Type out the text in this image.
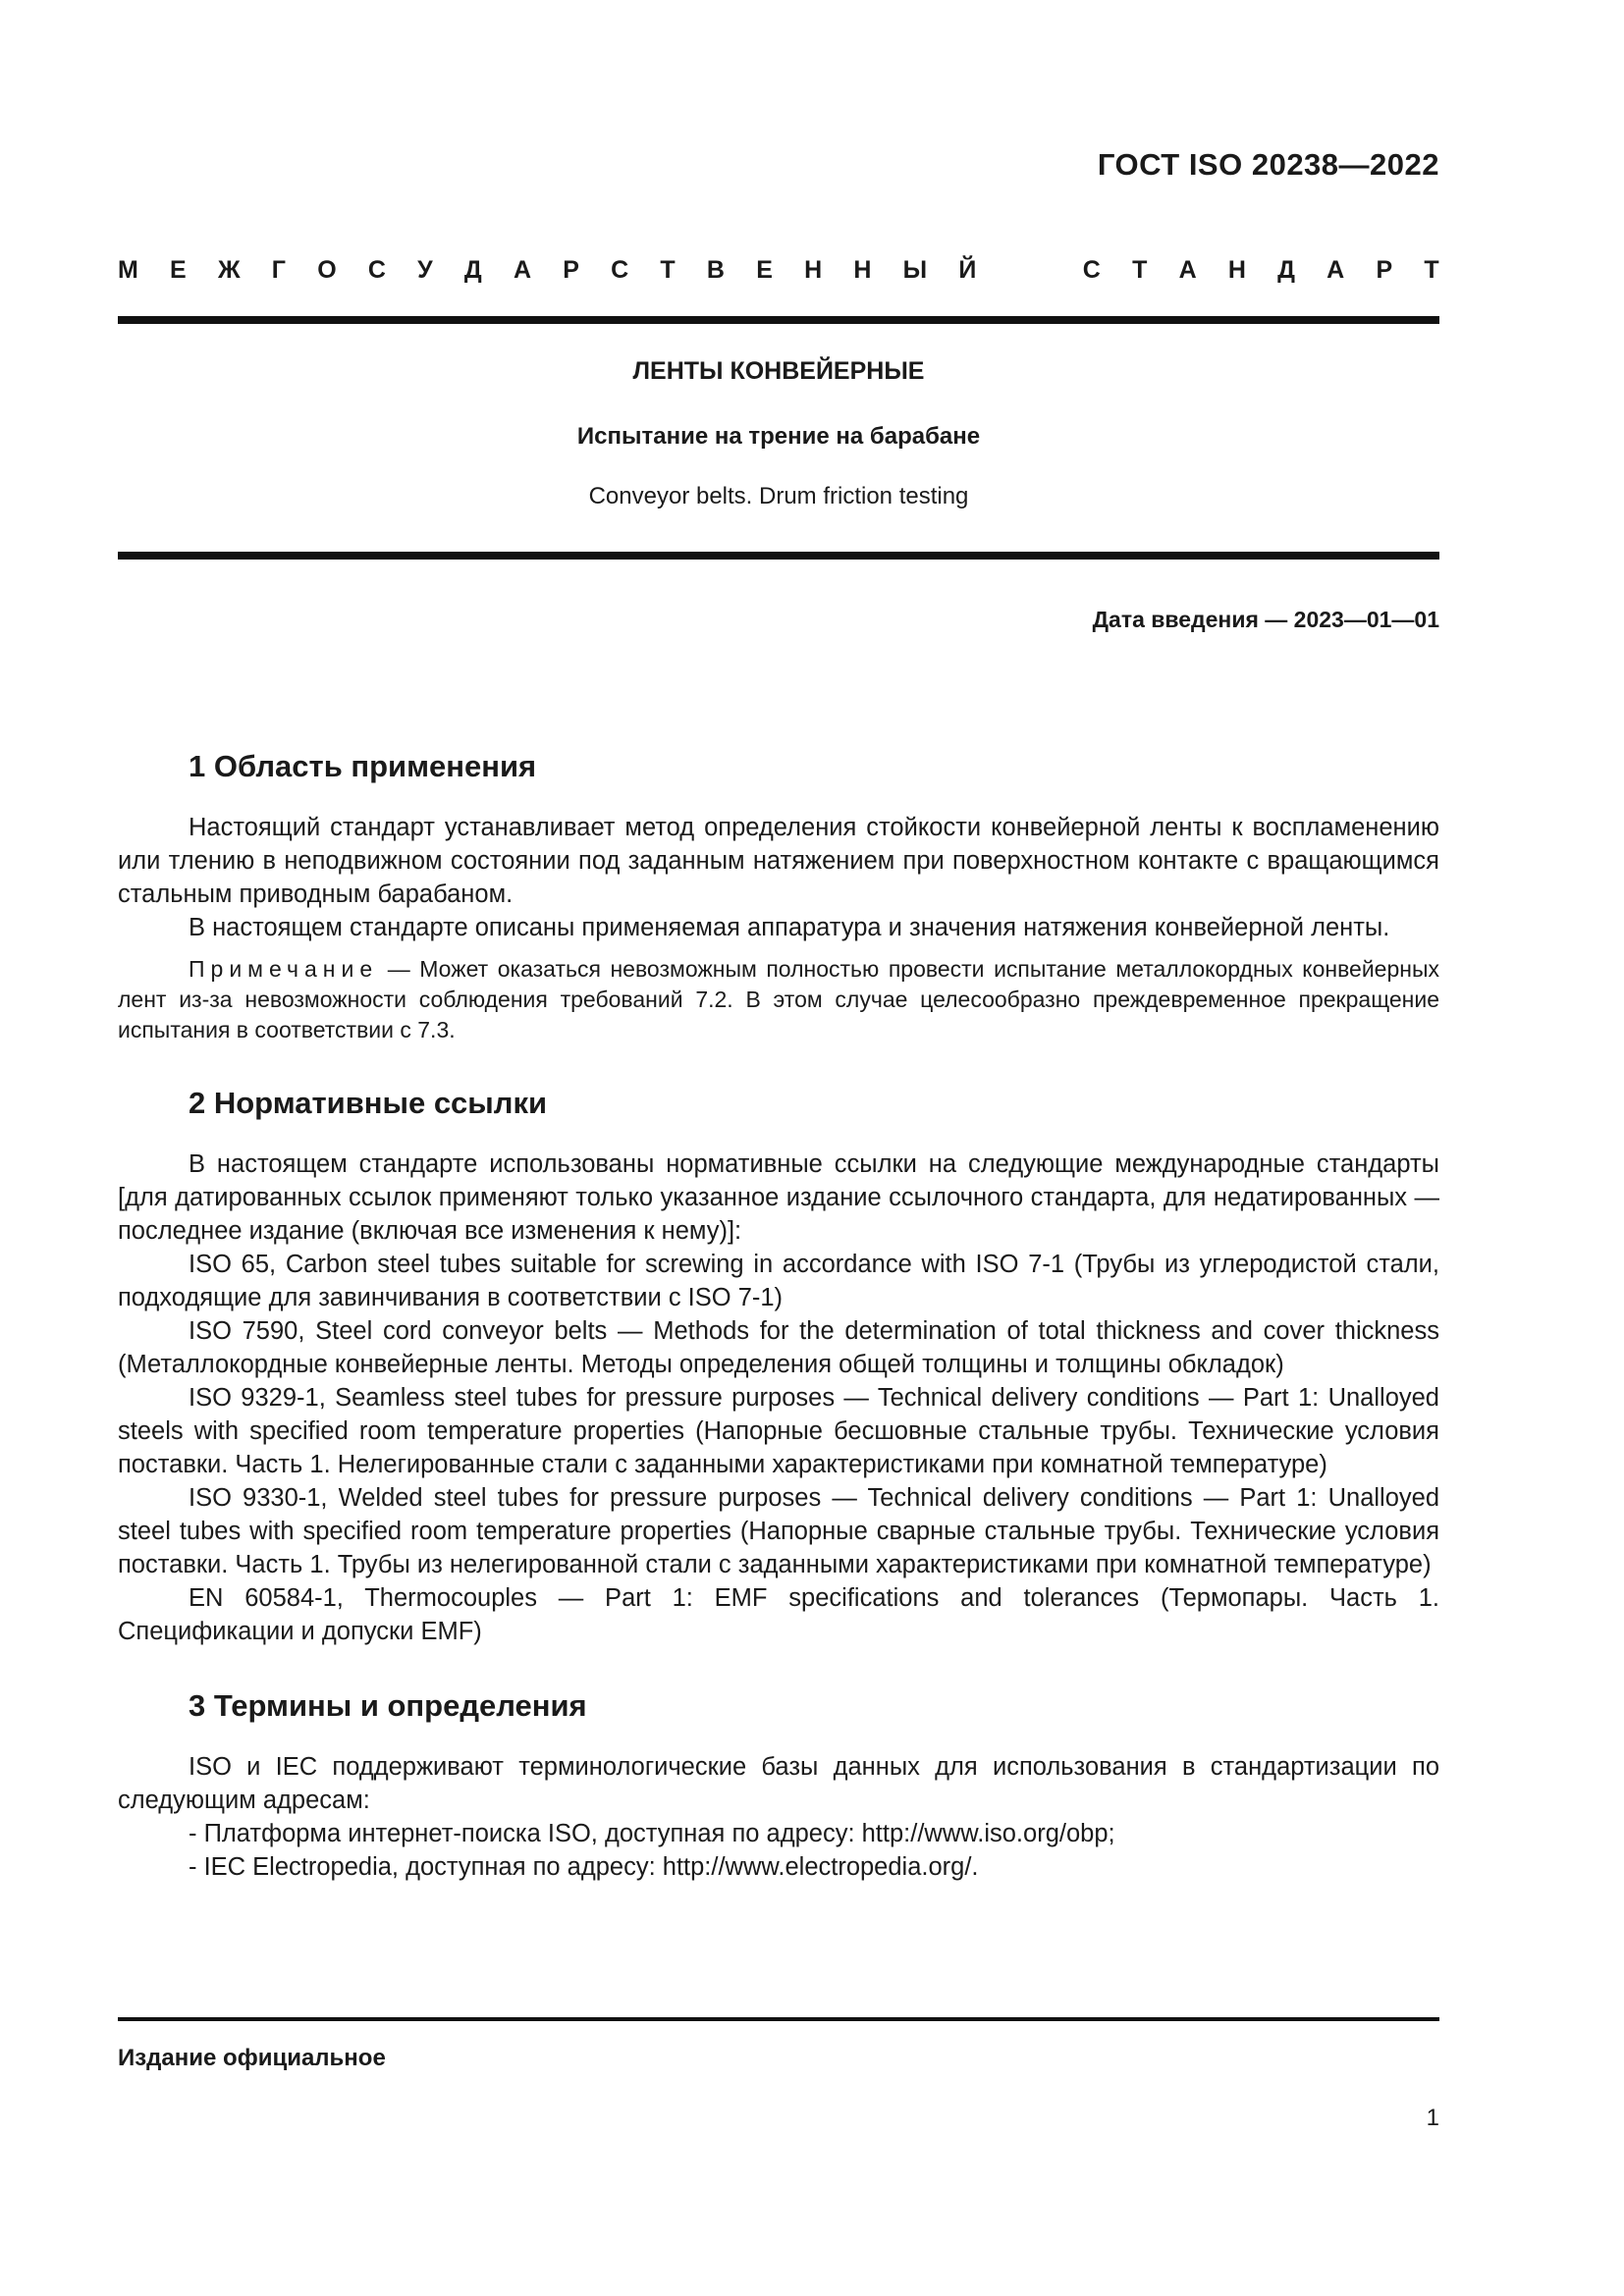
ГОСТ ISO 20238—2022
М Е Ж Г О С У Д А Р С Т В Е Н Н Ы Й	С Т А Н Д А Р Т
ЛЕНТЫ КОНВЕЙЕРНЫЕ
Испытание на трение на барабане
Conveyor belts. Drum friction testing
Дата введения — 2023—01—01
1 Область применения

Настоящий стандарт устанавливает метод определения стойкости конвейерной ленты к воспламенению или тлению в неподвижном состоянии под заданным натяжением при поверхностном контакте с вращающимся стальным приводным барабаном.

В настоящем стандарте описаны применяемая аппаратура и значения натяжения конвейерной ленты.

Примечание — Может оказаться невозможным полностью провести испытание металлокордных конвейерных лент из-за невозможности соблюдения требований 7.2. В этом случае целесообразно преждевременное прекращение испытания в соответствии с 7.3.

2 Нормативные ссылки

В настоящем стандарте использованы нормативные ссылки на следующие международные стандарты [для датированных ссылок применяют только указанное издание ссылочного стандарта, для недатированных — последнее издание (включая все изменения к нему)]:

ISO 65, Carbon steel tubes suitable for screwing in accordance with ISO 7-1 (Трубы из углеродистой стали, подходящие для завинчивания в соответствии с ISO 7-1)

ISO 7590, Steel cord conveyor belts — Methods for the determination of total thickness and cover thickness (Металлокордные конвейерные ленты. Методы определения общей толщины и толщины обкладок)

ISO 9329-1, Seamless steel tubes for pressure purposes — Technical delivery conditions — Part 1: Unalloyed steels with specified room temperature properties (Напорные бесшовные стальные трубы. Технические условия поставки. Часть 1. Нелегированные стали с заданными характеристиками при комнатной температуре)

ISO 9330-1, Welded steel tubes for pressure purposes — Technical delivery conditions — Part 1: Unalloyed steel tubes with specified room temperature properties (Напорные сварные стальные трубы. Технические условия поставки. Часть 1. Трубы из нелегированной стали с заданными характеристиками при комнатной температуре)

EN 60584-1, Thermocouples — Part 1: EMF specifications and tolerances (Термопары. Часть 1. Спецификации и допуски EMF)

3 Термины и определения

ISO и IEC поддерживают терминологические базы данных для использования в стандартизации по следующим адресам:

- Платформа интернет-поиска ISO, доступная по адресу: http://www.iso.org/obp;

- IEC Electropedia, доступная по адресу: http://www.electropedia.org/.

Издание официальное
1
